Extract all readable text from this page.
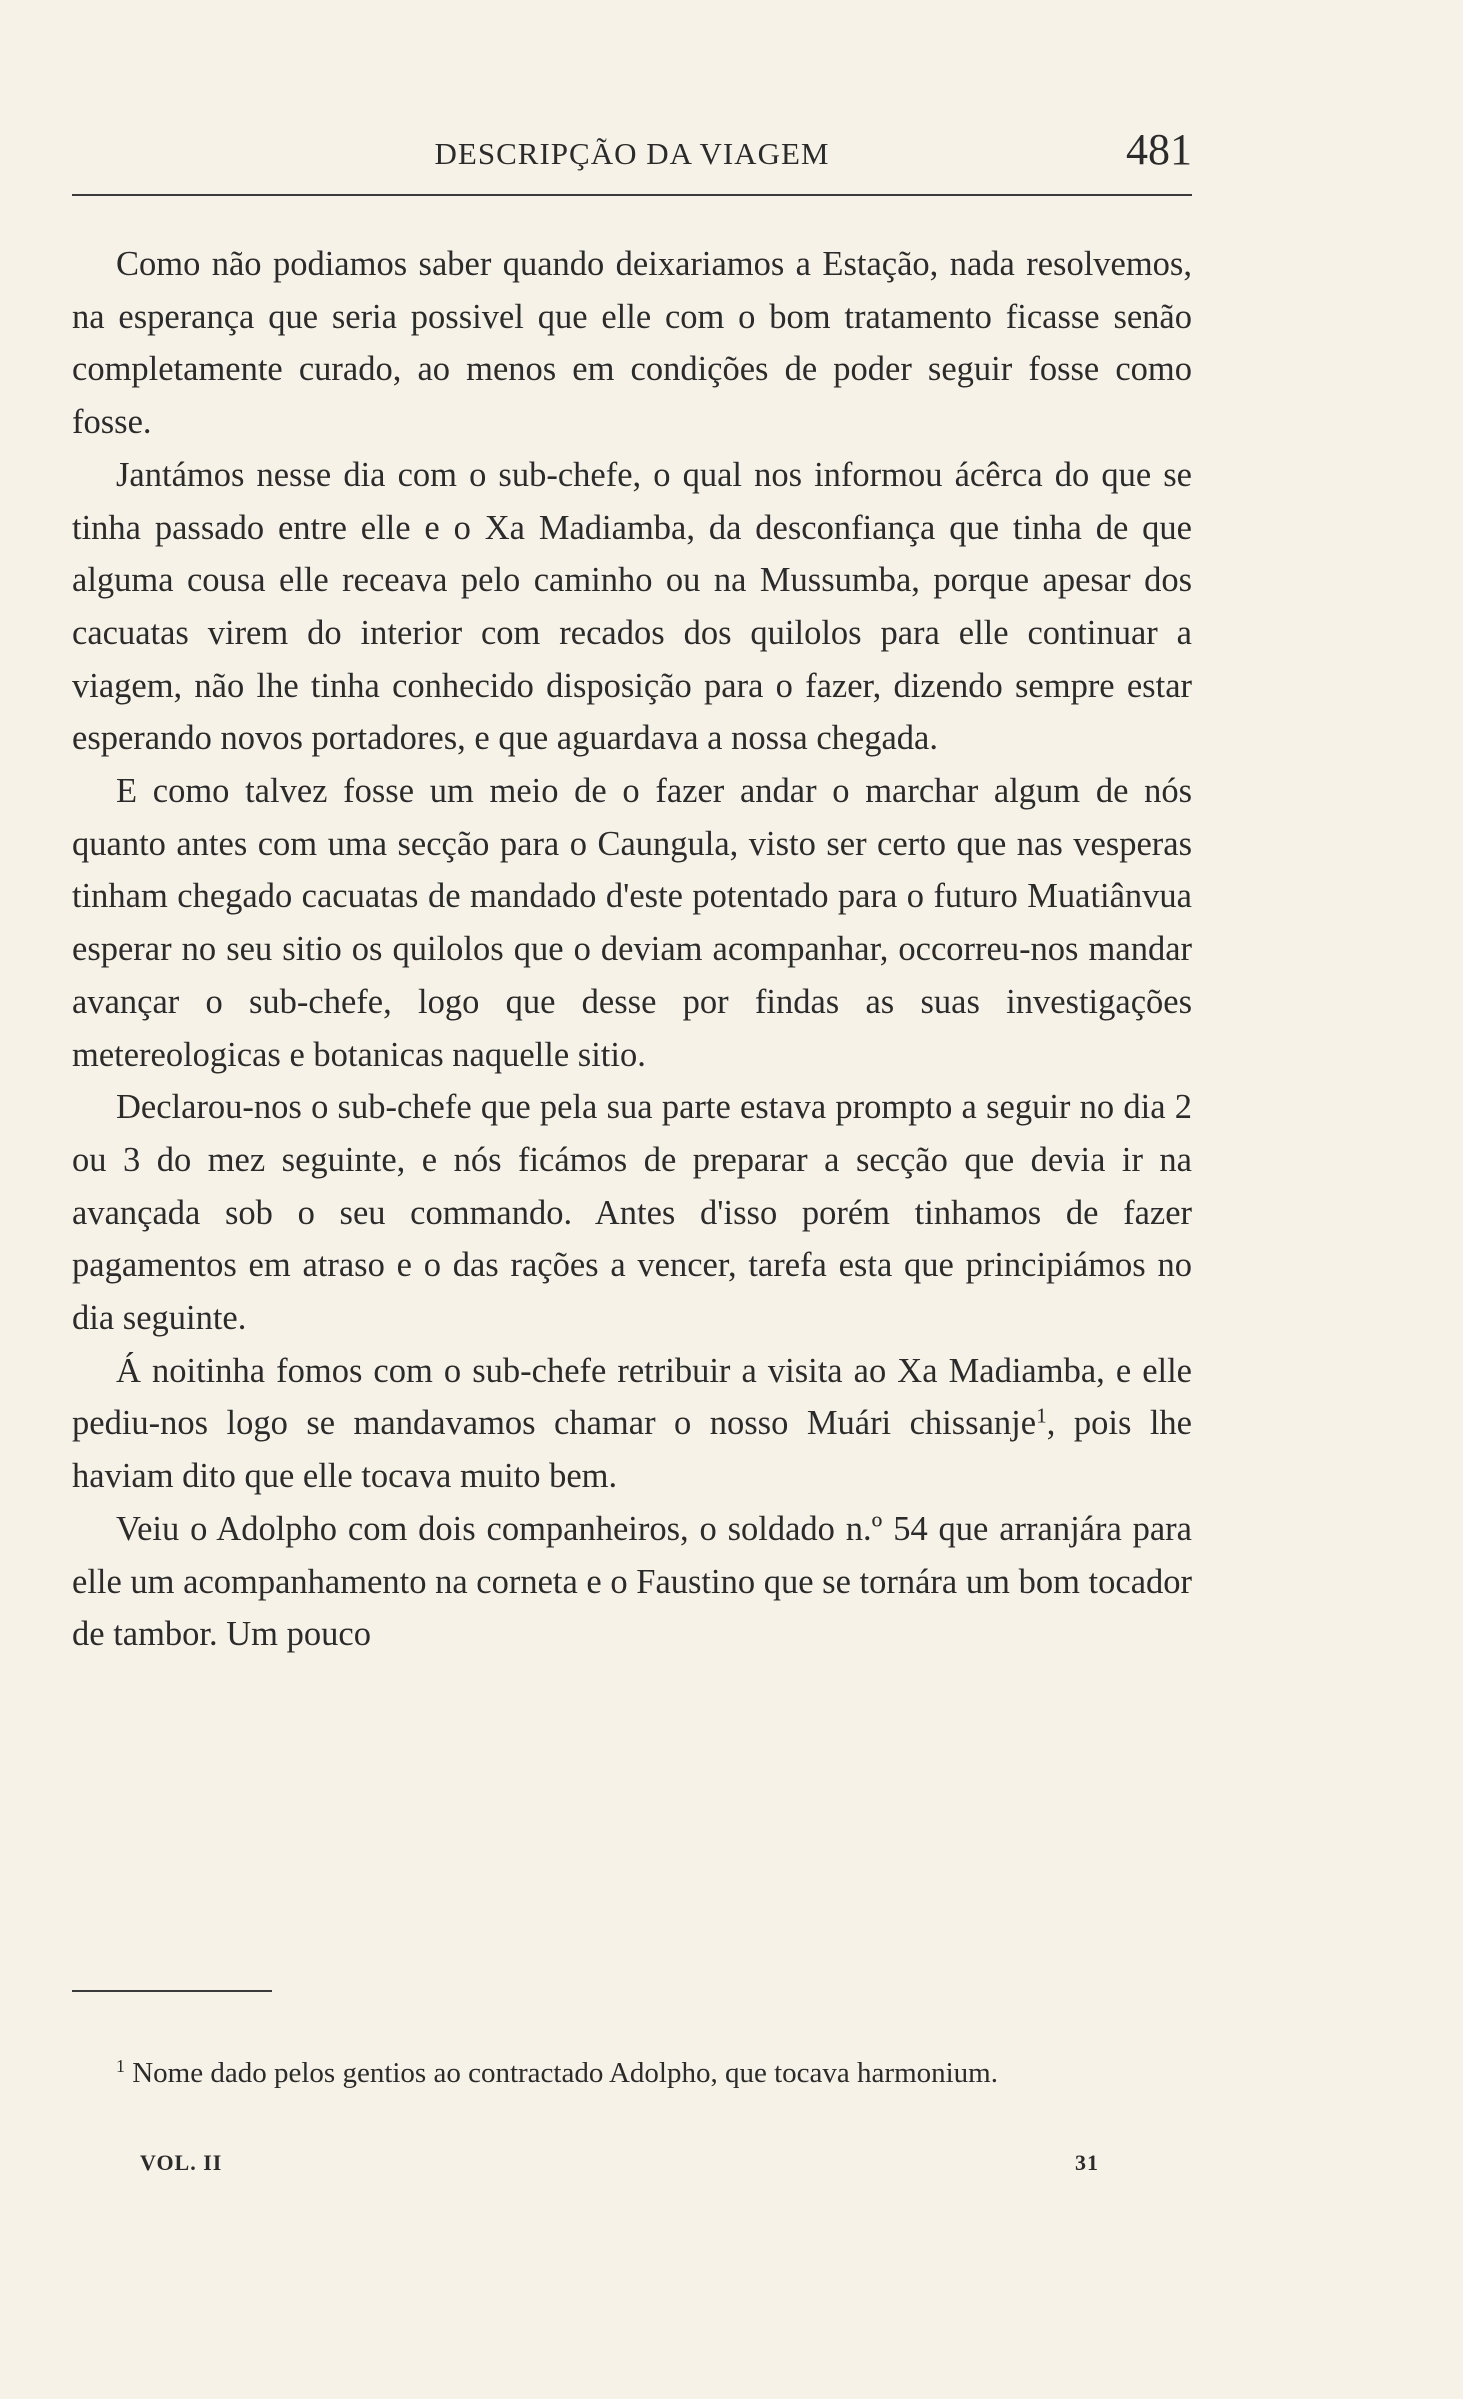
DESCRIPÇÃO DA VIAGEM	481

Como não podiamos saber quando deixariamos a Estação, nada resolvemos, na esperança que seria possivel que elle com o bom tratamento ficasse senão completamente curado, ao menos em condições de poder seguir fosse como fosse.

Jantámos nesse dia com o sub-chefe, o qual nos informou ácêrca do que se tinha passado entre elle e o Xa Madiamba, da desconfiança que tinha de que alguma cousa elle receava pelo caminho ou na Mussumba, porque apesar dos cacuatas virem do interior com recados dos quilolos para elle continuar a viagem, não lhe tinha conhecido disposição para o fazer, dizendo sempre estar esperando novos portadores, e que aguardava a nossa chegada.

E como talvez fosse um meio de o fazer andar o marchar algum de nós quanto antes com uma secção para o Caungula, visto ser certo que nas vesperas tinham chegado cacuatas de mandado d'este potentado para o futuro Muatiânvua esperar no seu sitio os quilolos que o deviam acompanhar, occorreu-nos mandar avançar o sub-chefe, logo que desse por findas as suas investigações metereologicas e botanicas naquelle sitio.

Declarou-nos o sub-chefe que pela sua parte estava prompto a seguir no dia 2 ou 3 do mez seguinte, e nós ficámos de preparar a secção que devia ir na avançada sob o seu commando. Antes d'isso porém tinhamos de fazer pagamentos em atraso e o das rações a vencer, tarefa esta que principiámos no dia seguinte.

Á noitinha fomos com o sub-chefe retribuir a visita ao Xa Madiamba, e elle pediu-nos logo se mandavamos chamar o nosso Muári chissanje$^1$, pois lhe haviam dito que elle tocava muito bem.

Veiu o Adolpho com dois companheiros, o soldado n.º 54 que arranjára para elle um acompanhamento na corneta e o Faustino que se tornára um bom tocador de tambor. Um pouco

$^1$ Nome dado pelos gentios ao contractado Adolpho, que tocava harmonium.
VOL. II	31
